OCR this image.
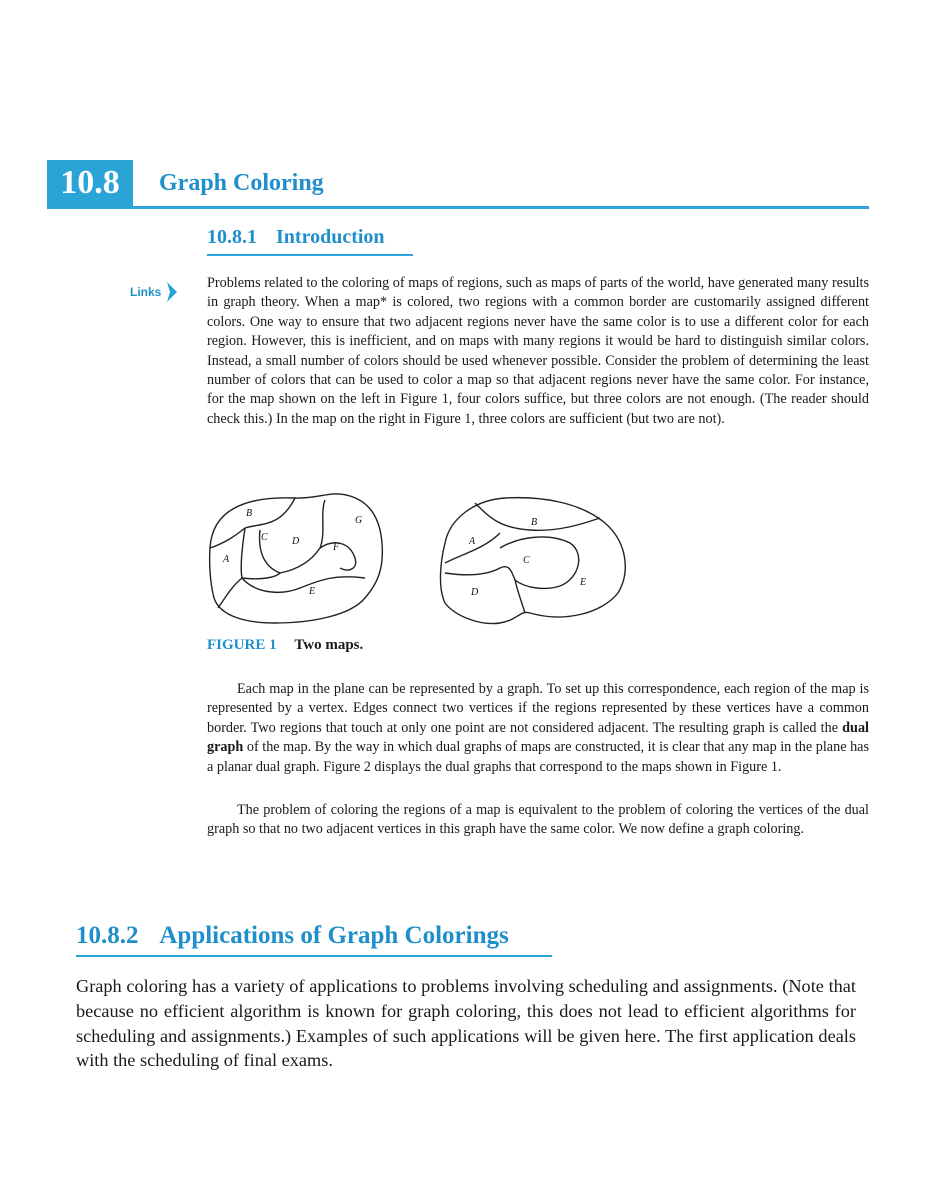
10.8	Graph Coloring
10.8.1 Introduction
Links
Problems related to the coloring of maps of regions, such as maps of parts of the world, have generated many results in graph theory. When a map* is colored, two regions with a common border are customarily assigned different colors. One way to ensure that two adjacent regions never have the same color is to use a different color for each region. However, this is inefficient, and on maps with many regions it would be hard to distinguish similar colors. Instead, a small number of colors should be used whenever possible. Consider the problem of determining the least number of colors that can be used to color a map so that adjacent regions never have the same color. For instance, for the map shown on the left in Figure 1, four colors suffice, but three colors are not enough. (The reader should check this.) In the map on the right in Figure 1, three colors are sufficient (but two are not).
B
C D
G
F
A
E
B
A
C
E
D
FIGURE 1 Two maps.
Each map in the plane can be represented by a graph. To set up this correspondence, each region of the map is represented by a vertex. Edges connect two vertices if the regions represented by these vertices have a common border. Two regions that touch at only one point are not considered adjacent. The resulting graph is called the dual graph of the map. By the way in which dual graphs of maps are constructed, it is clear that any map in the plane has a planar dual graph. Figure 2 displays the dual graphs that correspond to the maps shown in Figure 1.
The problem of coloring the regions of a map is equivalent to the problem of coloring the vertices of the dual graph so that no two adjacent vertices in this graph have the same color. We now define a graph coloring.
10.8.2 Applications of Graph Colorings
Graph coloring has a variety of applications to problems involving scheduling and assignments. (Note that because no efficient algorithm is known for graph coloring, this does not lead to efficient algorithms for scheduling and assignments.) Examples of such applications will be given here. The first application deals with the scheduling of final exams.
